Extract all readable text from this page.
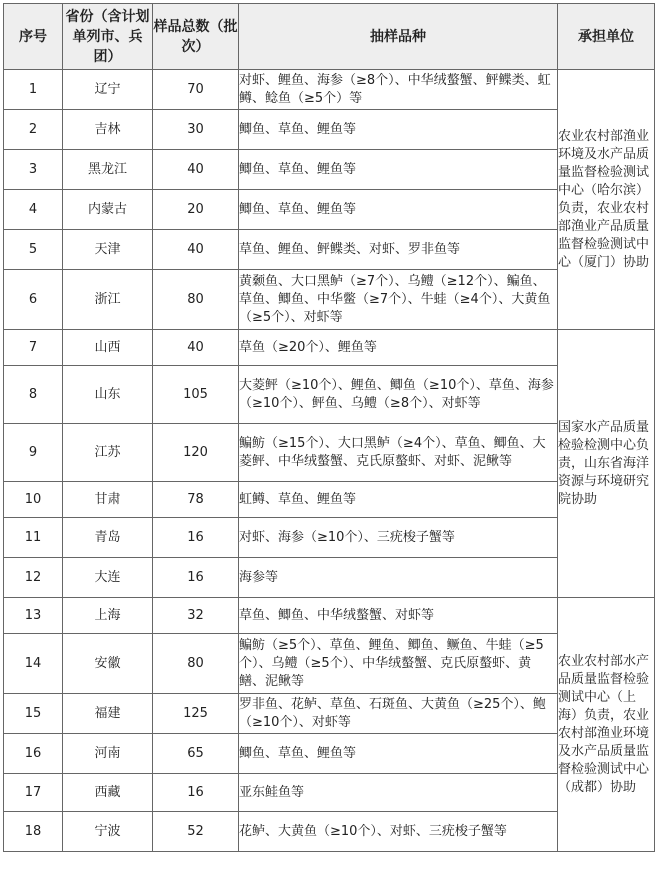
序号	省份（含计划单列市、兵团）	样品总数（批次）	抽样品种	承担单位
1	辽宁	70	对虾、鲤鱼、海参（≥8个）、中华绒螯蟹、鲆鲽类、虹鳟、鲶鱼（≥5个）等	农业农村部渔业环境及水产品质量监督检验测试中心（哈尔滨）负责，农业农村部渔业产品质量监督检验测试中心（厦门）协助
2	吉林	30	鲫鱼、草鱼、鲤鱼等	
3	黑龙江	40	鲫鱼、草鱼、鲤鱼等	
4	内蒙古	20	鲫鱼、草鱼、鲤鱼等	
5	天津	40	草鱼、鲤鱼、鲆鲽类、对虾、罗非鱼等	
6	浙江	80	黄颡鱼、大口黑鲈（≥7个）、乌鳢（≥12个）、鳊鱼、草鱼、鲫鱼、中华鳖（≥7个）、牛蛙（≥4个）、大黄鱼（≥5个）、对虾等	
7	山西	40	草鱼（≥20个）、鲤鱼等	国家水产品质量检验检测中心负责，山东省海洋资源与环境研究院协助
8	山东	105	大菱鲆（≥10个）、鲤鱼、鲫鱼（≥10个）、草鱼、海参（≥10个）、鲆鱼、乌鳢（≥8个）、对虾等	
9	江苏	120	鳊鲂（≥15个）、大口黑鲈（≥4个）、草鱼、鲫鱼、大菱鲆、中华绒螯蟹、克氏原螯虾、对虾、泥鳅等	
10	甘肃	78	虹鳟、草鱼、鲤鱼等	
11	青岛	16	对虾、海参（≥10个）、三疣梭子蟹等	
12	大连	16	海参等	
13	上海	32	草鱼、鲫鱼、中华绒螯蟹、对虾等	农业农村部水产品质量监督检验测试中心（上海）负责，农业农村部渔业环境及水产品质量监督检验测试中心（成都）协助
14	安徽	80	鳊鲂（≥5个）、草鱼、鲤鱼、鲫鱼、鳜鱼、牛蛙（≥5个）、乌鳢（≥5个）、中华绒螯蟹、克氏原螯虾、黄鳝、泥鳅等	
15	福建	125	罗非鱼、花鲈、草鱼、石斑鱼、大黄鱼（≥25个）、鲍（≥10个）、对虾等	
16	河南	65	鲫鱼、草鱼、鲤鱼等	
17	西藏	16	亚东鲑鱼等	
18	宁波	52	花鲈、大黄鱼（≥10个）、对虾、三疣梭子蟹等	
